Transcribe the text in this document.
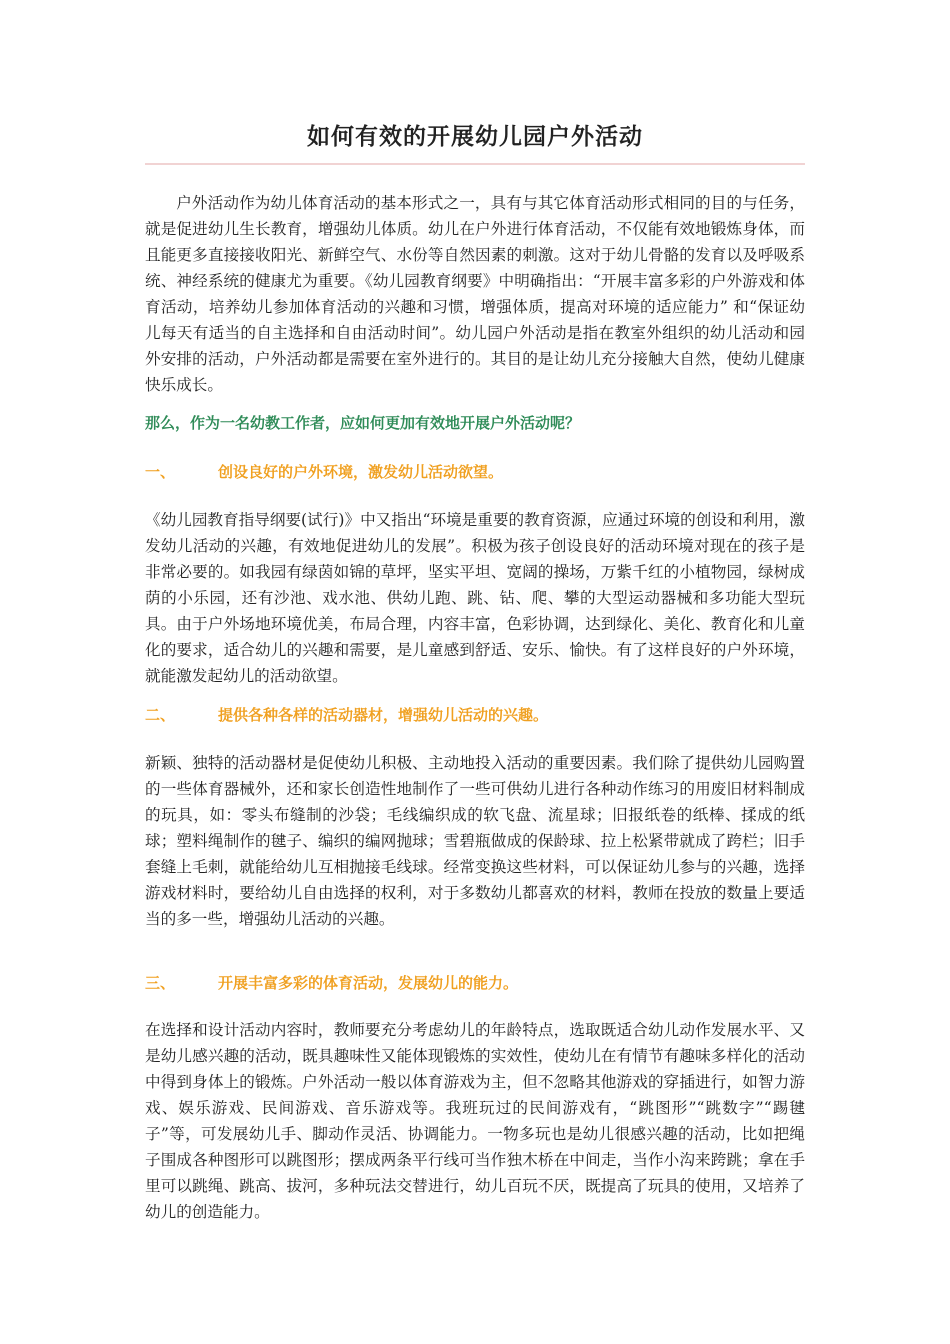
如何有效的开展幼儿园户外活动

户外活动作为幼儿体育活动的基本形式之一，具有与其它体育活动形式相同的目的与任务，就是促进幼儿生长教育，增强幼儿体质。幼儿在户外进行体育活动，不仅能有效地锻炼身体，而且能更多直接接收阳光、新鲜空气、水份等自然因素的刺激。这对于幼儿骨骼的发育以及呼吸系统、神经系统的健康尤为重要。《幼儿园教育纲要》中明确指出：“开展丰富多彩的户外游戏和体育活动，培养幼儿参加体育活动的兴趣和习惯，增强体质，提高对环境的适应能力” 和“保证幼儿每天有适当的自主选择和自由活动时间”。幼儿园户外活动是指在教室外组织的幼儿活动和园外安排的活动，户外活动都是需要在室外进行的。其目的是让幼儿充分接触大自然，使幼儿健康快乐成长。

那么，作为一名幼教工作者，应如何更加有效地开展户外活动呢？

一、	创设良好的户外环境，激发幼儿活动欲望。

《幼儿园教育指导纲要(试行)》中又指出“环境是重要的教育资源，应通过环境的创设和利用，激发幼儿活动的兴趣，有效地促进幼儿的发展”。积极为孩子创设良好的活动环境对现在的孩子是非常必要的。如我园有绿茵如锦的草坪，坚实平坦、宽阔的操场，万紫千红的小植物园，绿树成荫的小乐园，还有沙池、戏水池、供幼儿跑、跳、钻、爬、攀的大型运动器械和多功能大型玩具。由于户外场地环境优美，布局合理，内容丰富，色彩协调，达到绿化、美化、教育化和儿童化的要求，适合幼儿的兴趣和需要，是儿童感到舒适、安乐、愉快。有了这样良好的户外环境，就能激发起幼儿的活动欲望。

二、	提供各种各样的活动器材，增强幼儿活动的兴趣。

新颖、独特的活动器材是促使幼儿积极、主动地投入活动的重要因素。我们除了提供幼儿园购置的一些体育器械外，还和家长创造性地制作了一些可供幼儿进行各种动作练习的用废旧材料制成的玩具，如：零头布缝制的沙袋；毛线编织成的软飞盘、流星球；旧报纸卷的纸棒、揉成的纸球；塑料绳制作的毽子、编织的编网抛球；雪碧瓶做成的保龄球、拉上松紧带就成了跨栏；旧手套缝上毛刺，就能给幼儿互相抛接毛线球。经常变换这些材料，可以保证幼儿参与的兴趣，选择游戏材料时，要给幼儿自由选择的权利，对于多数幼儿都喜欢的材料，教师在投放的数量上要适当的多一些，增强幼儿活动的兴趣。

三、	开展丰富多彩的体育活动，发展幼儿的能力。

在选择和设计活动内容时，教师要充分考虑幼儿的年龄特点，选取既适合幼儿动作发展水平、又是幼儿感兴趣的活动，既具趣味性又能体现锻炼的实效性，使幼儿在有情节有趣味多样化的活动中得到身体上的锻炼。户外活动一般以体育游戏为主，但不忽略其他游戏的穿插进行，如智力游戏、娱乐游戏、民间游戏、音乐游戏等。我班玩过的民间游戏有，“跳图形”“跳数字”“踢毽子”等，可发展幼儿手、脚动作灵活、协调能力。一物多玩也是幼儿很感兴趣的活动，比如把绳子围成各种图形可以跳图形；摆成两条平行线可当作独木桥在中间走，当作小沟来跨跳；拿在手里可以跳绳、跳高、拔河，多种玩法交替进行，幼儿百玩不厌，既提高了玩具的使用，又培养了幼儿的创造能力。
